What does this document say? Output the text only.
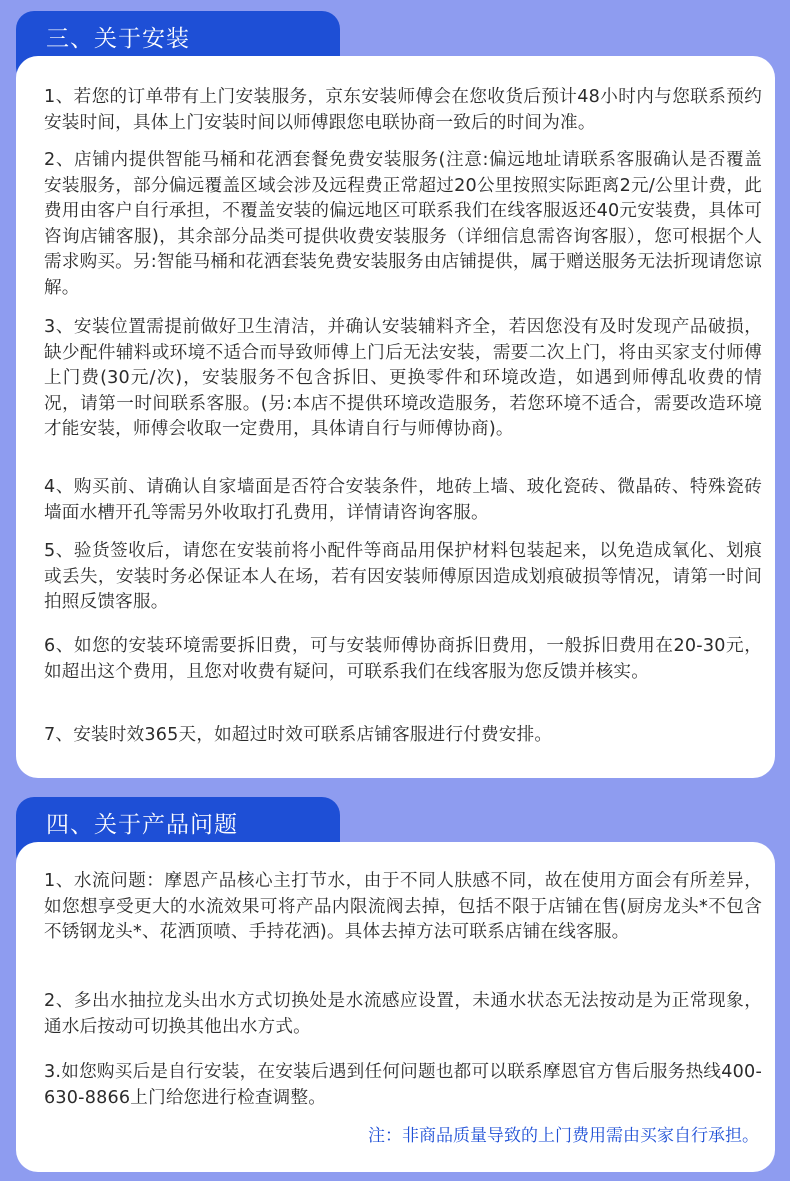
三、关于安装

1、若您的订单带有上门安装服务，京东安装师傅会在您收货后预计48小时内与您联系预约安装时间，具体上门安装时间以师傅跟您电联协商一致后的时间为准。

2、店铺内提供智能马桶和花洒套餐免费安装服务(注意:偏远地址请联系客服确认是否覆盖安装服务，部分偏远覆盖区域会涉及远程费正常超过20公里按照实际距离2元/公里计费，此费用由客户自行承担，不覆盖安装的偏远地区可联系我们在线客服返还40元安装费，具体可咨询店铺客服)，其余部分品类可提供收费安装服务（详细信息需咨询客服），您可根据个人需求购买。另:智能马桶和花洒套装免费安装服务由店铺提供，属于赠送服务无法折现请您谅解。

3、安装位置需提前做好卫生清洁，并确认安装辅料齐全，若因您没有及时发现产品破损，缺少配件辅料或环境不适合而导致师傅上门后无法安装，需要二次上门，将由买家支付师傅上门费(30元/次)，安装服务不包含拆旧、更换零件和环境改造，如遇到师傅乱收费的情况，请第一时间联系客服。(另:本店不提供环境改造服务，若您环境不适合，需要改造环境才能安装，师傅会收取一定费用，具体请自行与师傅协商)。

4、购买前、请确认自家墙面是否符合安装条件，地砖上墙、玻化瓷砖、微晶砖、特殊瓷砖墙面水槽开孔等需另外收取打孔费用，详情请咨询客服。

5、验货签收后，请您在安装前将小配件等商品用保护材料包装起来，以免造成氧化、划痕或丢失，安装时务必保证本人在场，若有因安装师傅原因造成划痕破损等情况，请第一时间拍照反馈客服。

6、如您的安装环境需要拆旧费，可与安装师傅协商拆旧费用，一般拆旧费用在20-30元，如超出这个费用，且您对收费有疑问，可联系我们在线客服为您反馈并核实。

7、安装时效365天，如超过时效可联系店铺客服进行付费安排。

四、关于产品问题

1、水流问题：摩恩产品核心主打节水，由于不同人肤感不同，故在使用方面会有所差异，如您想享受更大的水流效果可将产品内限流阀去掉，包括不限于店铺在售(厨房龙头*不包含不锈钢龙头*、花洒顶喷、手持花洒)。具体去掉方法可联系店铺在线客服。

2、多出水抽拉龙头出水方式切换处是水流感应设置，未通水状态无法按动是为正常现象，通水后按动可切换其他出水方式。

3.如您购买后是自行安装，在安装后遇到任何问题也都可以联系摩恩官方售后服务热线400-630-8866上门给您进行检查调整。

注：非商品质量导致的上门费用需由买家自行承担。
